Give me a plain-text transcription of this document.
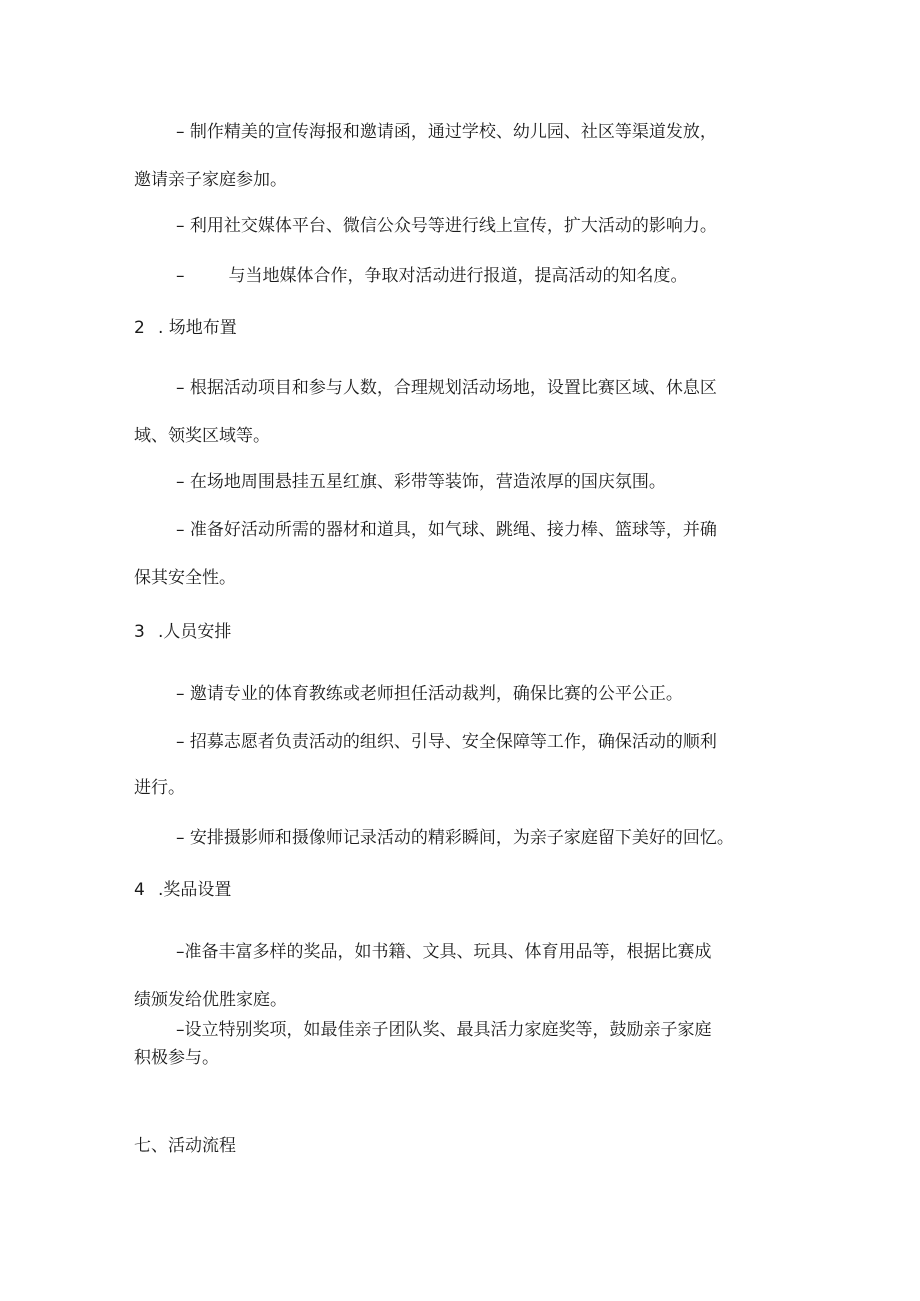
– 制作精美的宣传海报和邀请函，通过学校、幼儿园、社区等渠道发放，

邀请亲子家庭参加。

– 利用社交媒体平台、微信公众号等进行线上宣传，扩大活动的影响力。

–	与当地媒体合作，争取对活动进行报道，提高活动的知名度。

2 . 场地布置

– 根据活动项目和参与人数，合理规划活动场地，设置比赛区域、休息区

域、领奖区域等。

– 在场地周围悬挂五星红旗、彩带等装饰，营造浓厚的国庆氛围。

– 准备好活动所需的器材和道具，如气球、跳绳、接力棒、篮球等，并确

保其安全性。

3 .人员安排

– 邀请专业的体育教练或老师担任活动裁判，确保比赛的公平公正。

– 招募志愿者负责活动的组织、引导、安全保障等工作，确保活动的顺利

进行。

– 安排摄影师和摄像师记录活动的精彩瞬间，为亲子家庭留下美好的回忆。

4 .奖品设置

–准备丰富多样的奖品，如书籍、文具、玩具、体育用品等，根据比赛成

绩颁发给优胜家庭。

–设立特别奖项，如最佳亲子团队奖、最具活力家庭奖等，鼓励亲子家庭

积极参与。

七、活动流程
